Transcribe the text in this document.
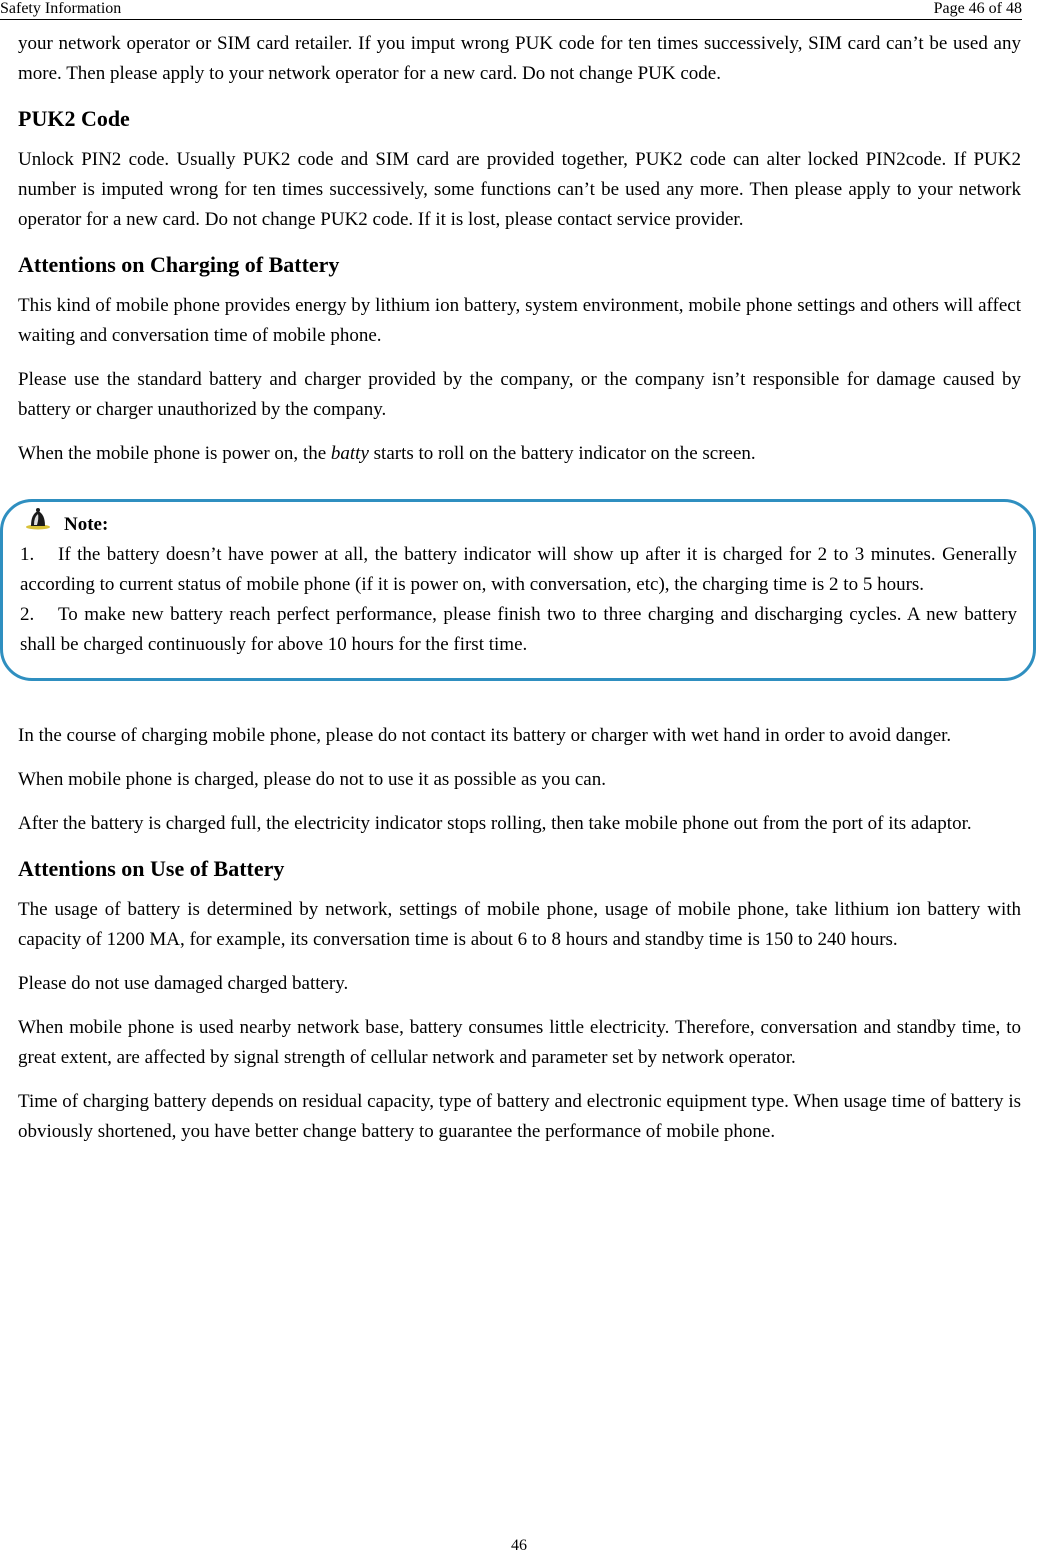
Safety Information	Page 46 of 48

your network operator or SIM card retailer. If you imput wrong PUK code for ten times successively, SIM card can’t be used any more. Then please apply to your network operator for a new card. Do not change PUK code.

PUK2 Code

Unlock PIN2 code. Usually PUK2 code and SIM card are provided together, PUK2 code can alter locked PIN2code. If PUK2 number is imputed wrong for ten times successively, some functions can’t be used any more. Then please apply to your network operator for a new card. Do not change PUK2 code. If it is lost, please contact service provider.

Attentions on Charging of Battery

This kind of mobile phone provides energy by lithium ion battery, system environment, mobile phone settings and others will affect waiting and conversation time of mobile phone.

Please use the standard battery and charger provided by the company, or the company isn’t responsible for damage caused by battery or charger unauthorized by the company.

When the mobile phone is power on, the batty starts to roll on the battery indicator on the screen.

Note:

1. If the battery doesn’t have power at all, the battery indicator will show up after it is charged for 2 to 3 minutes. Generally according to current status of mobile phone (if it is power on, with conversation, etc), the charging time is 2 to 5 hours.

2. To make new battery reach perfect performance, please finish two to three charging and discharging cycles. A new battery shall be charged continuously for above 10 hours for the first time.

In the course of charging mobile phone, please do not contact its battery or charger with wet hand in order to avoid danger.

When mobile phone is charged, please do not to use it as possible as you can.

After the battery is charged full, the electricity indicator stops rolling, then take mobile phone out from the port of its adaptor.

Attentions on Use of Battery

The usage of battery is determined by network, settings of mobile phone, usage of mobile phone, take lithium ion battery with capacity of 1200 MA, for example, its conversation time is about 6 to 8 hours and standby time is 150 to 240 hours.

Please do not use damaged charged battery.

When mobile phone is used nearby network base, battery consumes little electricity. Therefore, conversation and standby time, to great extent, are affected by signal strength of cellular network and parameter set by network operator.

Time of charging battery depends on residual capacity, type of battery and electronic equipment type. When usage time of battery is obviously shortened, you have better change battery to guarantee the performance of mobile phone.

46
